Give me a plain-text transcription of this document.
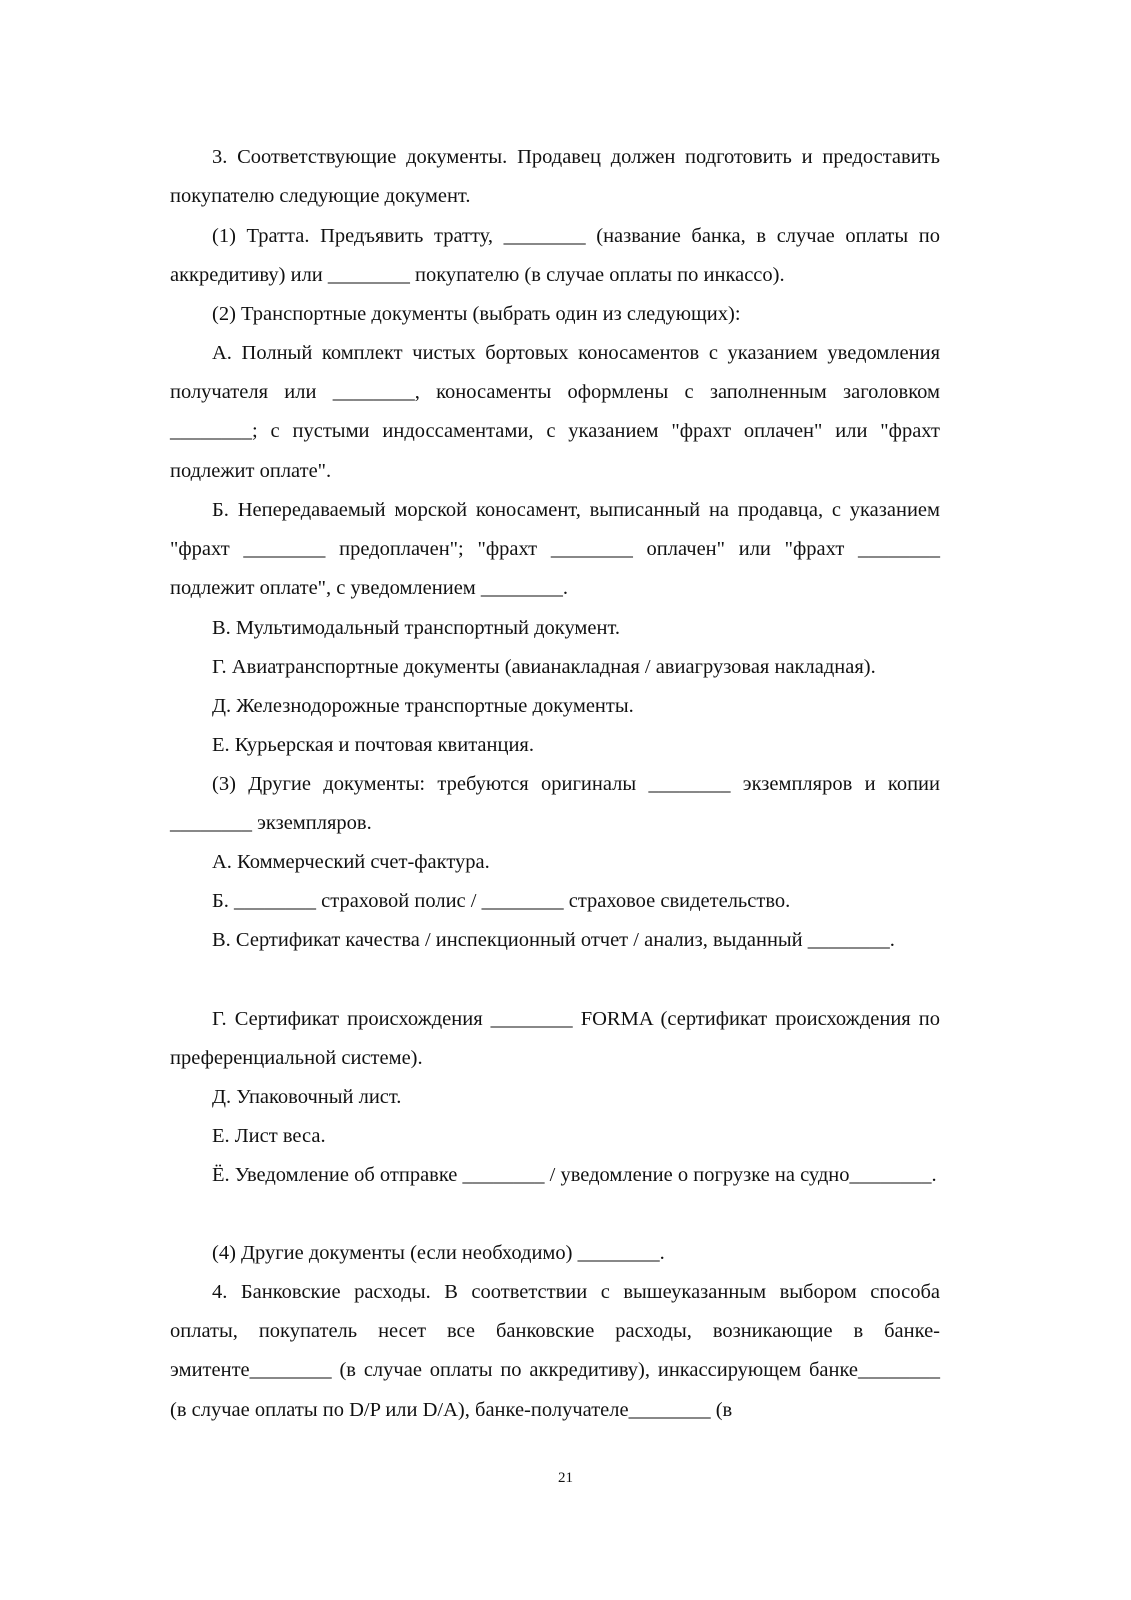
3. Соответствующие документы. Продавец должен подготовить и предоставить покупателю следующие документ.

(1) Тратта. Предъявить тратту, ________ (название банка, в случае оплаты по аккредитиву) или ________ покупателю (в случае оплаты по инкассо).

(2) Транспортные документы (выбрать один из следующих):

А. Полный комплект чистых бортовых коносаментов с указанием уведомления получателя или ________, коносаменты оформлены с заполненным заголовком ________; с пустыми индоссаментами, с указанием "фрахт оплачен" или "фрахт подлежит оплате".

Б. Непередаваемый морской коносамент, выписанный на продавца, с указанием "фрахт ________ предоплачен"; "фрахт ________ оплачен" или "фрахт ________ подлежит оплате", с уведомлением ________.

В. Мультимодальный транспортный документ.

Г. Авиатранспортные документы (авианакладная / авиагрузовая накладная).

Д. Железнодорожные транспортные документы.

Е. Курьерская и почтовая квитанция.

(3) Другие документы: требуются оригиналы ________ экземпляров и копии ________ экземпляров.

А. Коммерческий счет-фактура.

Б. ________ страховой полис / ________ страховое свидетельство.

В. Сертификат качества / инспекционный отчет / анализ, выданный ________.

Г. Сертификат происхождения ________ FORMA (сертификат происхождения по преференциальной системе).

Д. Упаковочный лист.

Е. Лист веса.

Ё. Уведомление об отправке ________ / уведомление о погрузке на судно________.

(4) Другие документы (если необходимо) ________.

4. Банковские расходы. В соответствии с вышеуказанным выбором способа оплаты, покупатель несет все банковские расходы, возникающие в банке-эмитенте________ (в случае оплаты по аккредитиву), инкассирующем банке________ (в случае оплаты по D/P или D/A), банке-получателе________ (в

21
